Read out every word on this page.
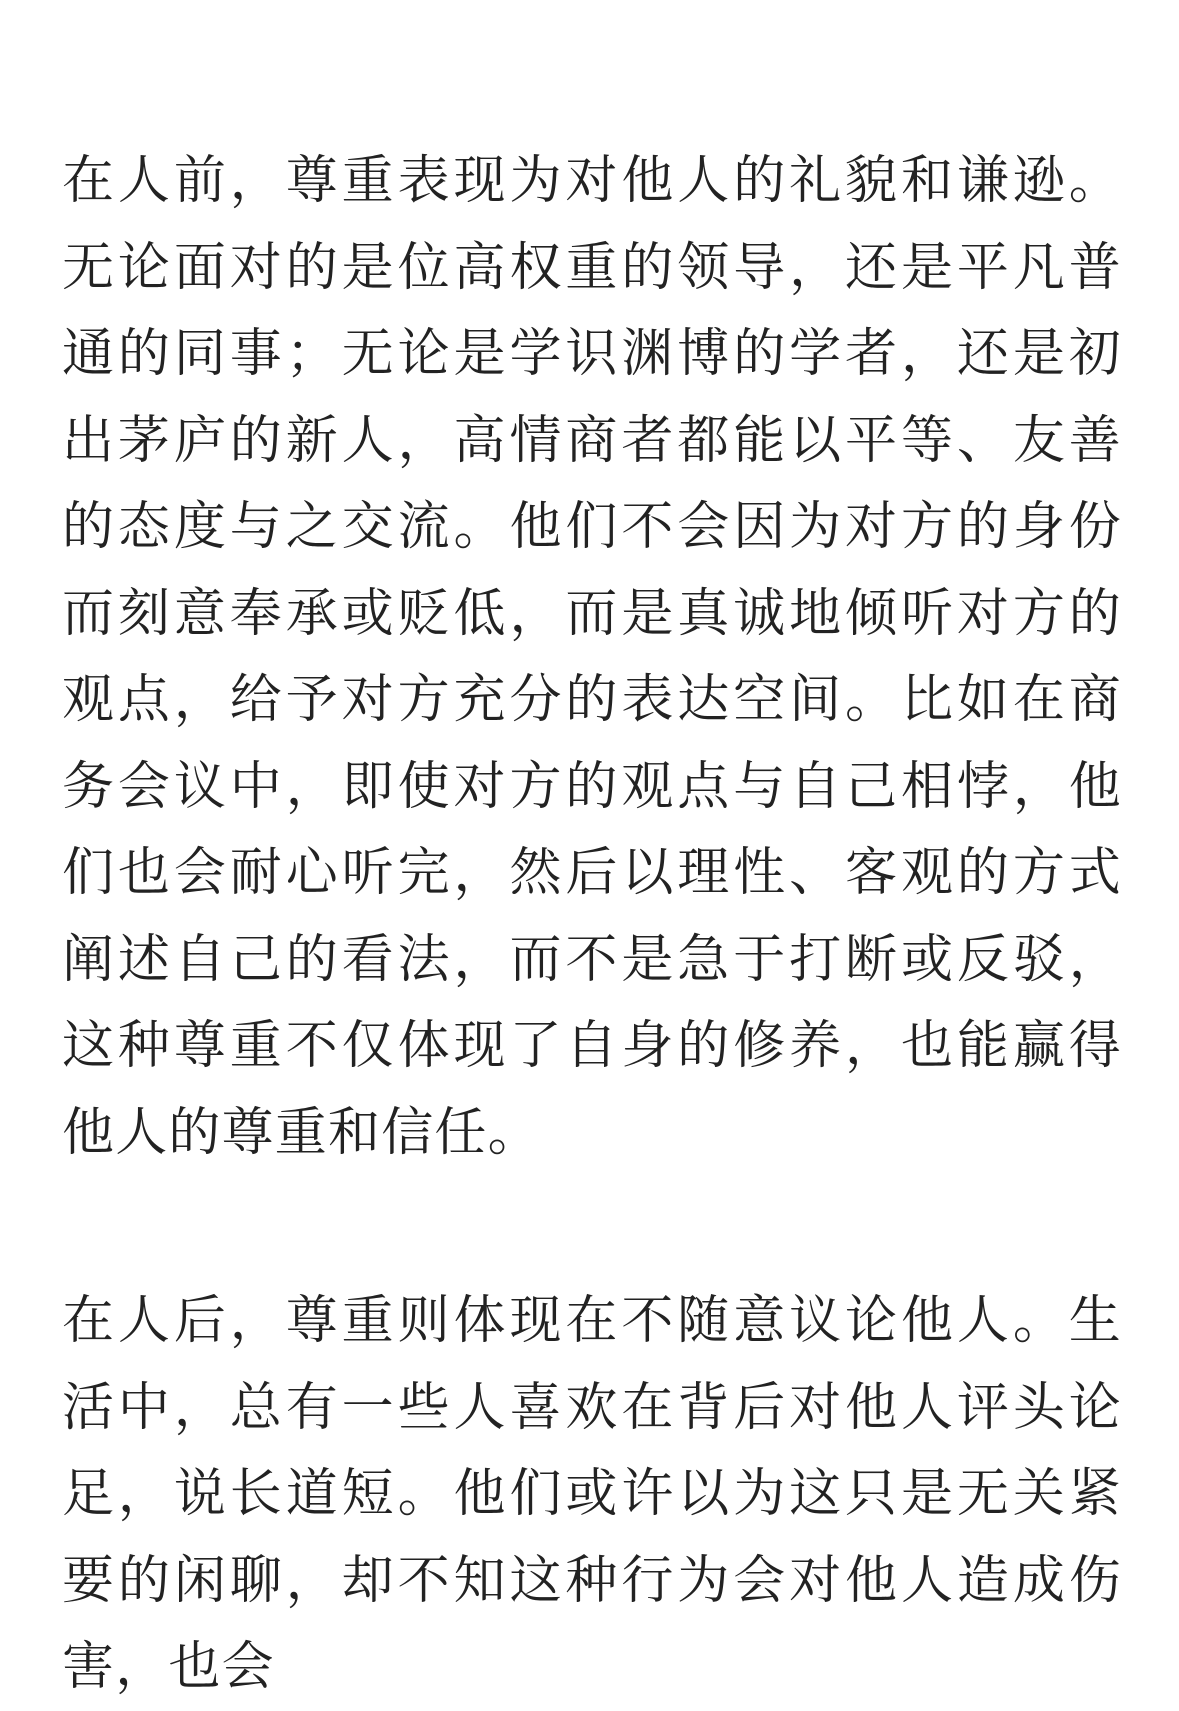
在人前，尊重表现为对他人的礼貌和谦逊。无论面对的是位高权重的领导，还是平凡普通的同事；无论是学识渊博的学者，还是初出茅庐的新人，高情商者都能以平等、友善的态度与之交流。他们不会因为对方的身份而刻意奉承或贬低，而是真诚地倾听对方的观点，给予对方充分的表达空间。比如在商务会议中，即使对方的观点与自己相悖，他们也会耐心听完，然后以理性、客观的方式阐述自己的看法，而不是急于打断或反驳，这种尊重不仅体现了自身的修养，也能赢得他人的尊重和信任。

在人后，尊重则体现在不随意议论他人。生活中，总有一些人喜欢在背后对他人评头论足，说长道短。他们或许以为这只是无关紧要的闲聊，却不知这种行为会对他人造成伤害，也会
